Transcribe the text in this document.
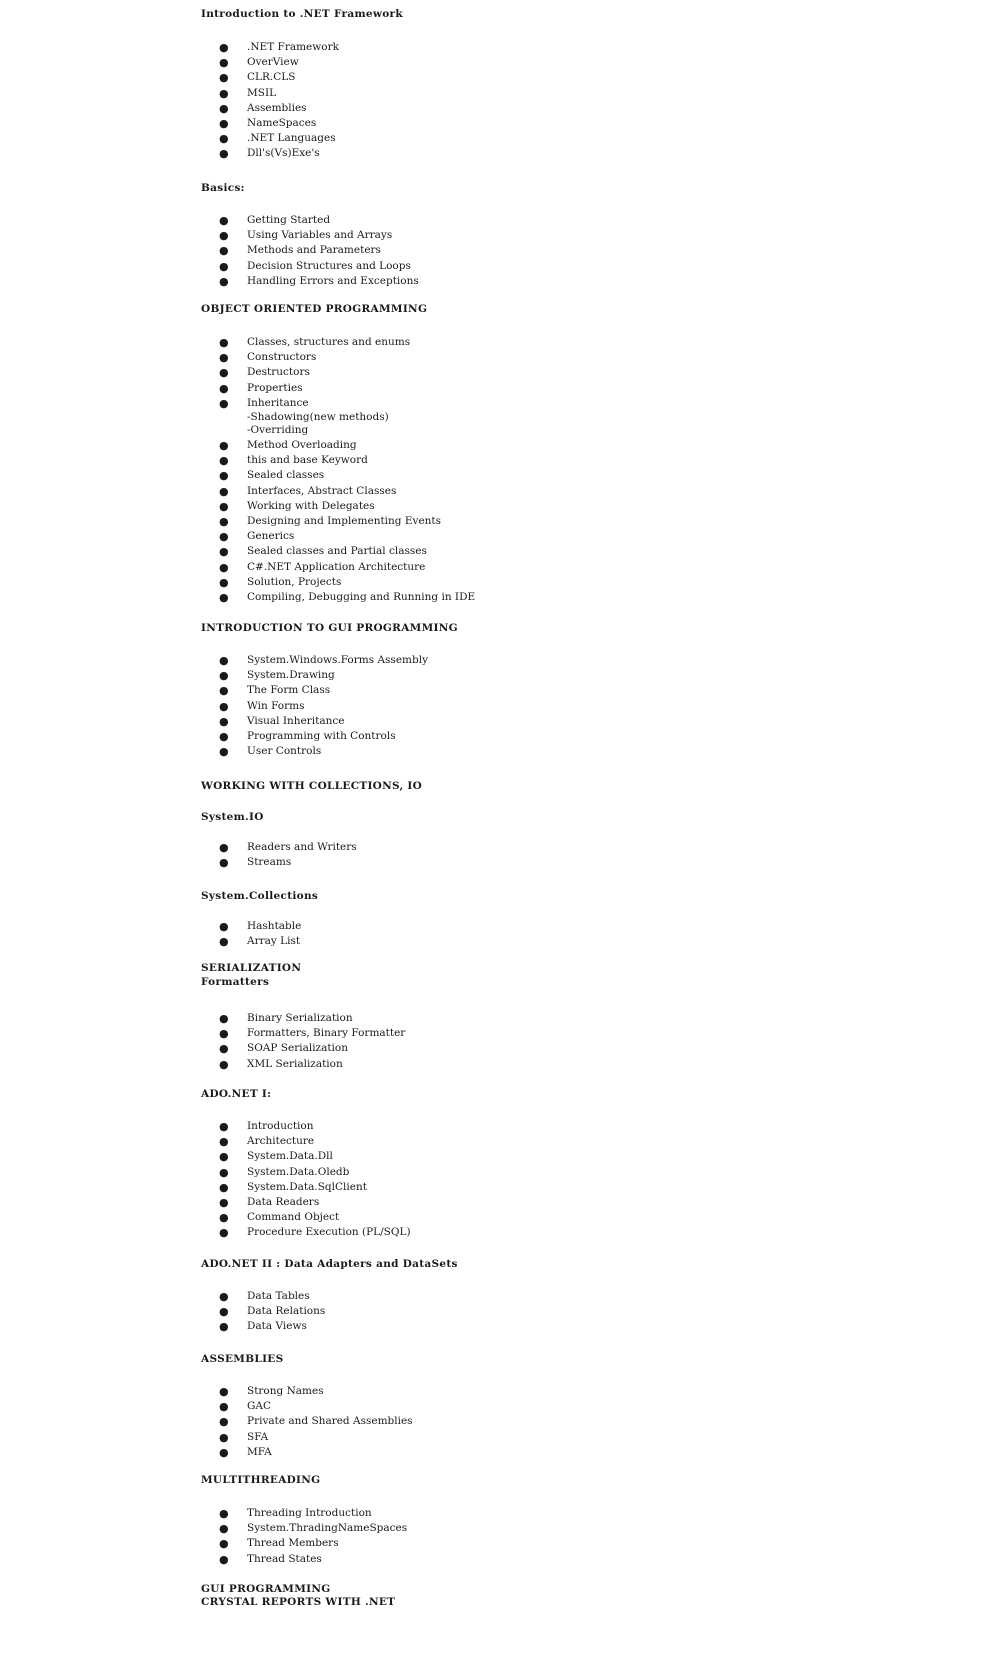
Introduction to .NET Framework
●	.NET Framework
●	OverView
●	CLR.CLS
●	MSIL
●	Assemblies
●	NameSpaces
●	.NET Languages
●	Dll's(Vs)Exe's
Basics:
●	Getting Started
●	Using Variables and Arrays
●	Methods and Parameters
●	Decision Structures and Loops
●	Handling Errors and Exceptions
OBJECT ORIENTED PROGRAMMING
●	Classes, structures and enums
●	Constructors
●	Destructors
●	Properties
●	Inheritance
-Shadowing(new methods)
-Overriding
●	Method Overloading
●	this and base Keyword
●	Sealed classes
●	Interfaces, Abstract Classes
●	Working with Delegates
●	Designing and Implementing Events
●	Generics
●	Sealed classes and Partial classes
●	C#.NET Application Architecture
●	Solution, Projects
●	Compiling, Debugging and Running in IDE
INTRODUCTION TO GUI PROGRAMMING
●	System.Windows.Forms Assembly
●	System.Drawing
●	The Form Class
●	Win Forms
●	Visual Inheritance
●	Programming with Controls
●	User Controls
WORKING WITH COLLECTIONS, IO
System.IO
●	Readers and Writers
●	Streams
System.Collections
●	Hashtable
●	Array List
SERIALIZATION
Formatters
●	Binary Serialization
●	Formatters, Binary Formatter
●	SOAP Serialization
●	XML Serialization
ADO.NET I:
●	Introduction
●	Architecture
●	System.Data.Dll
●	System.Data.Oledb
●	System.Data.SqlClient
●	Data Readers
●	Command Object
●	Procedure Execution (PL/SQL)
ADO.NET II : Data Adapters and DataSets
●	Data Tables
●	Data Relations
●	Data Views
ASSEMBLIES
●	Strong Names
●	GAC
●	Private and Shared Assemblies
●	SFA
●	MFA
MULTITHREADING
●	Threading Introduction
●	System.ThradingNameSpaces
●	Thread Members
●	Thread States
GUI PROGRAMMING
CRYSTAL REPORTS WITH .NET
